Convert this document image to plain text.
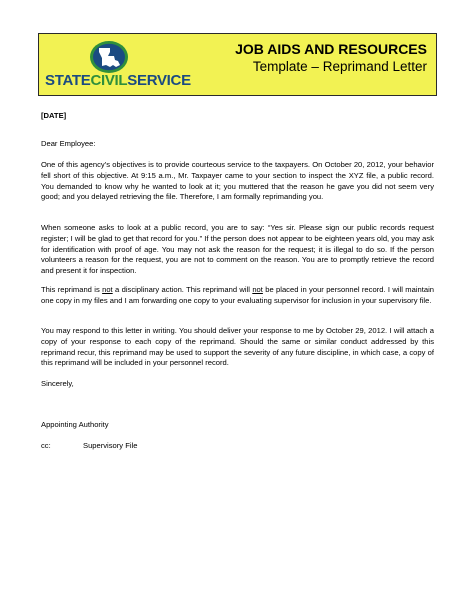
STATECIVILSERVICE
JOB AIDS AND RESOURCES
Template – Reprimand Letter
[DATE]
Dear Employee:
One of this agency’s objectives is to provide courteous service to the taxpayers. On October 20, 2012, your behavior fell short of this objective. At 9:15 a.m., Mr. Taxpayer came to your section to inspect the XYZ file, a public record. You demanded to know why he wanted to look at it; you muttered that the reason he gave you did not seem very good; and you delayed retrieving the file. Therefore, I am formally reprimanding you.
When someone asks to look at a public record, you are to say: “Yes sir. Please sign our public records request register; I will be glad to get that record for you.” If the person does not appear to be eighteen years old, you may ask for identification with proof of age. You may not ask the reason for the request; it is illegal to do so. If the person volunteers a reason for the request, you are not to comment on the reason. You are to promptly retrieve the record and present it for inspection.
This reprimand is not a disciplinary action. This reprimand will not be placed in your personnel record. I will maintain one copy in my files and I am forwarding one copy to your evaluating supervisor for inclusion in your supervisory file.
You may respond to this letter in writing. You should deliver your response to me by October 29, 2012. I will attach a copy of your response to each copy of the reprimand. Should the same or similar conduct addressed by this reprimand recur, this reprimand may be used to support the severity of any future discipline, in which case, a copy of this reprimand will be included in your personnel record.
Sincerely,
Appointing Authority
cc:	Supervisory File
